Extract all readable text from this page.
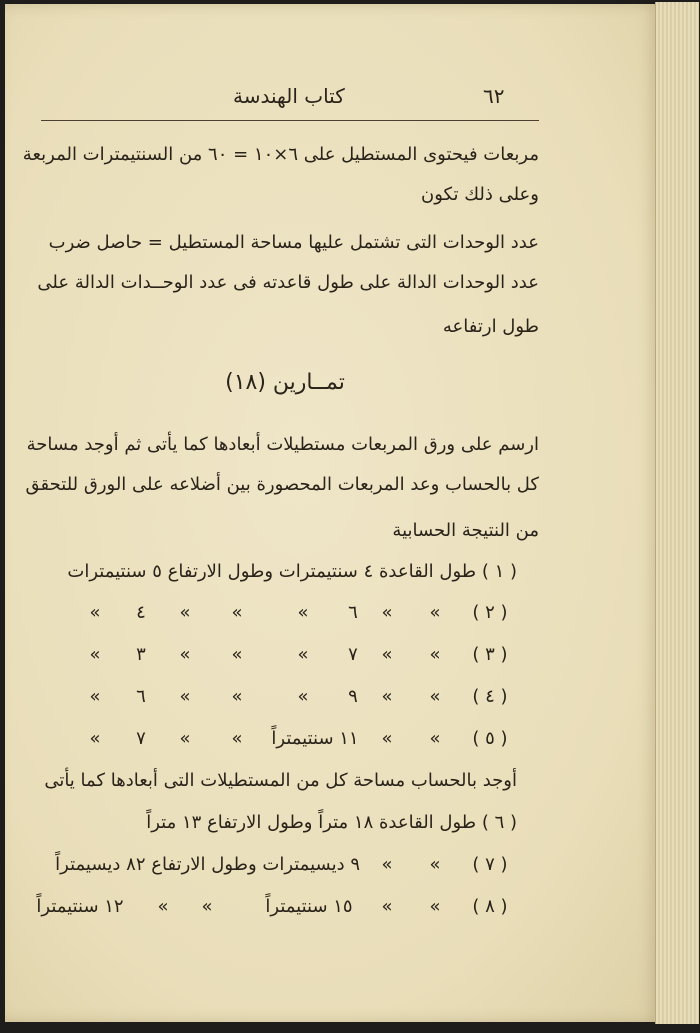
٦٢
كتاب الهندسة
مربعات فيحتوى المستطيل على ٦×١٠ = ٦٠ من السنتيمترات المربعة
وعلى ذلك تكون
عدد الوحدات التى تشتمل عليها مساحة المستطيل = حاصل ضرب
عدد الوحدات الدالة على طول قاعدته فى عدد الوحــدات الدالة على
طول ارتفاعه
تمــارين (١٨)
ارسم على ورق المربعات مستطيلات أبعادها كما يأتى ثم أوجد مساحة
كل بالحساب وعد المربعات المحصورة بين أضلاعه على الورق للتحقق
من النتيجة الحسابية
( ١ ) طول القاعدة ٤ سنتيمترات وطول الارتفاع ٥ سنتيمترات
( ٢ )
»
»
٦
»
»
»
٤
»
( ٣ )
»
»
٧
»
»
»
٣
»
( ٤ )
»
»
٩
»
»
»
٦
»
( ٥ )
»
»
١١ سنتيمتراً
»
»
٧
»
أوجد بالحساب مساحة كل من المستطيلات التى أبعادها كما يأتى
( ٦ ) طول القاعدة ١٨ متراً وطول الارتفاع ١٣ متراً
( ٧ )
»
»
٩ ديسيمترات وطول الارتفاع ٨٢ ديسيمتراً
( ٨ )
»
»
١٥ سنتيمتراً
»
»
١٢ سنتيمتراً
